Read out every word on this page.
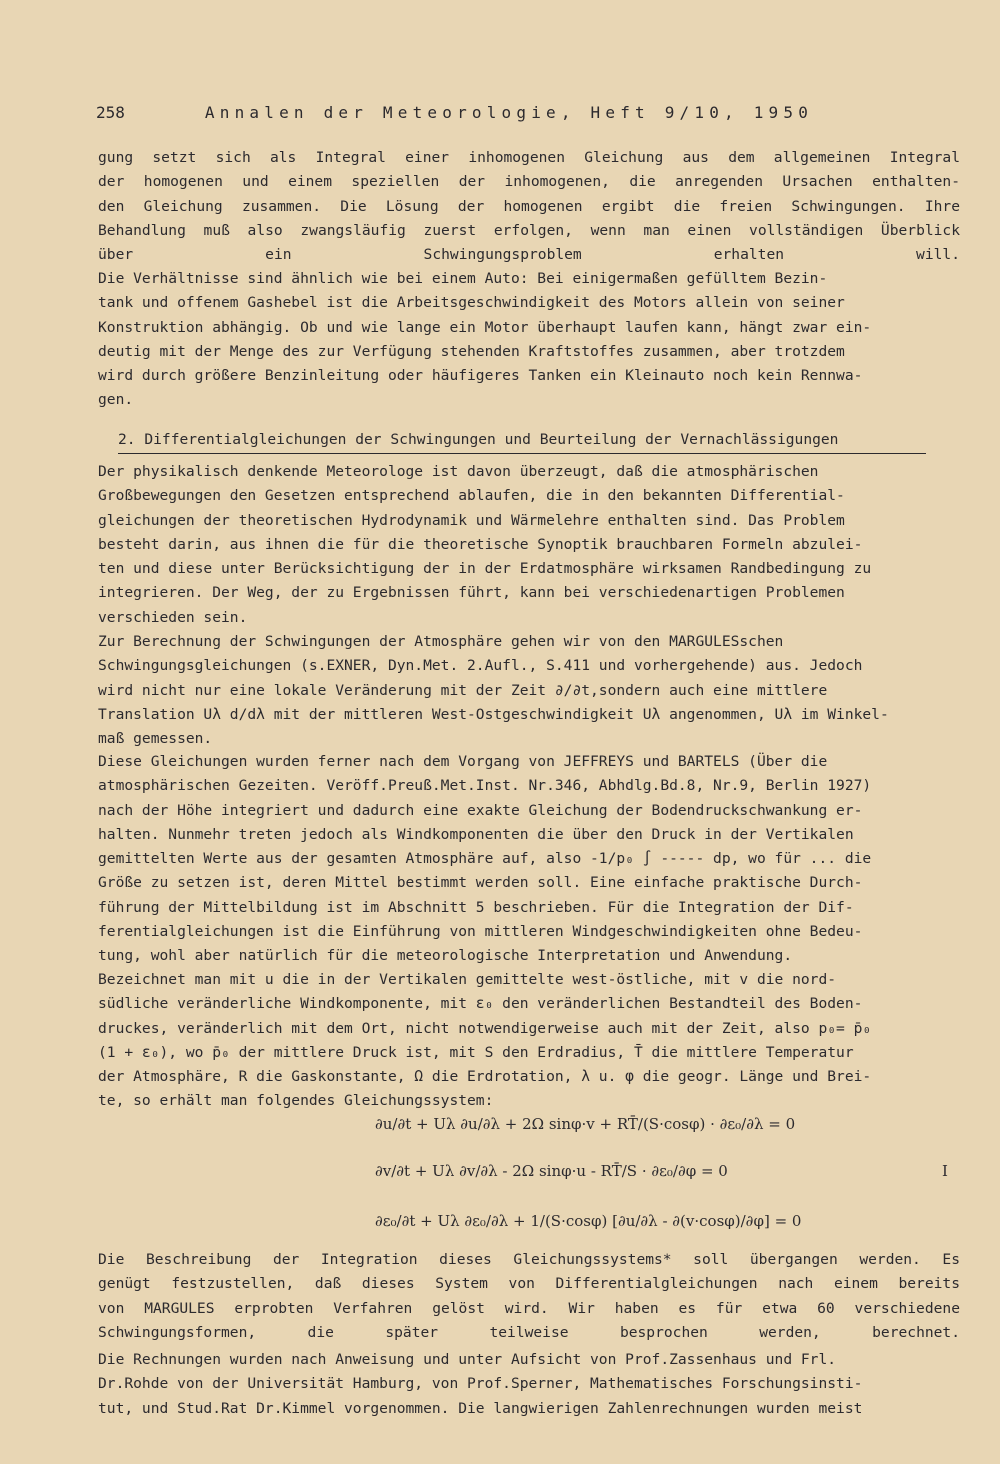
258	Annalen der Meteorologie, Heft 9/10, 1950

gung setzt sich als Integral einer inhomogenen Gleichung aus dem allgemeinen Integral
der homogenen und einem speziellen der inhomogenen, die anregenden Ursachen enthalten-
den Gleichung zusammen. Die Lösung der homogenen ergibt die freien Schwingungen. Ihre
Behandlung muß also zwangsläufig zuerst erfolgen, wenn man einen vollständigen Überblick
über ein Schwingungsproblem erhalten will.

Die Verhältnisse sind ähnlich wie bei einem Auto: Bei einigermaßen gefülltem Bezin-
tank und offenem Gashebel ist die Arbeitsgeschwindigkeit des Motors allein von seiner
Konstruktion abhängig. Ob und wie lange ein Motor überhaupt laufen kann, hängt zwar ein-
deutig mit der Menge des zur Verfügung stehenden Kraftstoffes zusammen, aber trotzdem
wird durch größere Benzinleitung oder häufigeres Tanken ein Kleinauto noch kein Rennwa-
gen.

2. Differentialgleichungen der Schwingungen und Beurteilung der Vernachlässigungen

Der physikalisch denkende Meteorologe ist davon überzeugt, daß die atmosphärischen
Großbewegungen den Gesetzen entsprechend ablaufen, die in den bekannten Differential-
gleichungen der theoretischen Hydrodynamik und Wärmelehre enthalten sind. Das Problem
besteht darin, aus ihnen die für die theoretische Synoptik brauchbaren Formeln abzulei-
ten und diese unter Berücksichtigung der in der Erdatmosphäre wirksamen Randbedingung zu
integrieren. Der Weg, der zu Ergebnissen führt, kann bei verschiedenartigen Problemen
verschieden sein.

Zur Berechnung der Schwingungen der Atmosphäre gehen wir von den MARGULESschen
Schwingungsgleichungen (s.EXNER, Dyn.Met. 2.Aufl., S.411 und vorhergehende) aus. Jedoch
wird nicht nur eine lokale Veränderung mit der Zeit ∂/∂t,sondern auch eine mittlere
Translation Uλ d/dλ mit der mittleren West-Ostgeschwindigkeit Uλ angenommen, Uλ im Winkel-
maß gemessen.

Diese Gleichungen wurden ferner nach dem Vorgang von JEFFREYS und BARTELS (Über die
atmosphärischen Gezeiten. Veröff.Preuß.Met.Inst. Nr.346, Abhdlg.Bd.8, Nr.9, Berlin 1927)
nach der Höhe integriert und dadurch eine exakte Gleichung der Bodendruckschwankung er-
halten. Nunmehr treten jedoch als Windkomponenten die über den Druck in der Vertikalen
gemittelten Werte aus der gesamten Atmosphäre auf, also -1/p₀ ∫ ----- dp, wo für ... die
Größe zu setzen ist, deren Mittel bestimmt werden soll. Eine einfache praktische Durch-
führung der Mittelbildung ist im Abschnitt 5 beschrieben. Für die Integration der Dif-
ferentialgleichungen ist die Einführung von mittleren Windgeschwindigkeiten ohne Bedeu-
tung, wohl aber natürlich für die meteorologische Interpretation und Anwendung.

Bezeichnet man mit u die in der Vertikalen gemittelte west-östliche, mit v die nord-
südliche veränderliche Windkomponente, mit ε₀ den veränderlichen Bestandteil des Boden-
druckes, veränderlich mit dem Ort, nicht notwendigerweise auch mit der Zeit, also p₀= p̄₀
(1 + ε₀), wo p̄₀ der mittlere Druck ist, mit S den Erdradius, T̄ die mittlere Temperatur
der Atmosphäre, R die Gaskonstante, Ω die Erdrotation, λ u. φ die geogr. Länge und Brei-
te, so erhält man folgendes Gleichungssystem:

∂u/∂t + Uλ ∂u/∂λ + 2Ω sinφ·v + RT̄/(S·cosφ) · ∂ε₀/∂λ = 0
∂v/∂t + Uλ ∂v/∂λ - 2Ω sinφ·u - RT̄/S · ∂ε₀/∂φ = 0
∂ε₀/∂t + Uλ ∂ε₀/∂λ + 1/(S·cosφ) [∂u/∂λ - ∂(v·cosφ)/∂φ] = 0
I

Die Beschreibung der Integration dieses Gleichungssystems* soll übergangen werden. Es
genügt festzustellen, daß dieses System von Differentialgleichungen nach einem bereits
von MARGULES erprobten Verfahren gelöst wird. Wir haben es für etwa 60 verschiedene
Schwingungsformen, die später teilweise besprochen werden, berechnet.

Die Rechnungen wurden nach Anweisung und unter Aufsicht von Prof.Zassenhaus und Frl.
Dr.Rohde von der Universität Hamburg, von Prof.Sperner, Mathematisches Forschungsinsti-
tut, und Stud.Rat Dr.Kimmel vorgenommen. Die langwierigen Zahlenrechnungen wurden meist
